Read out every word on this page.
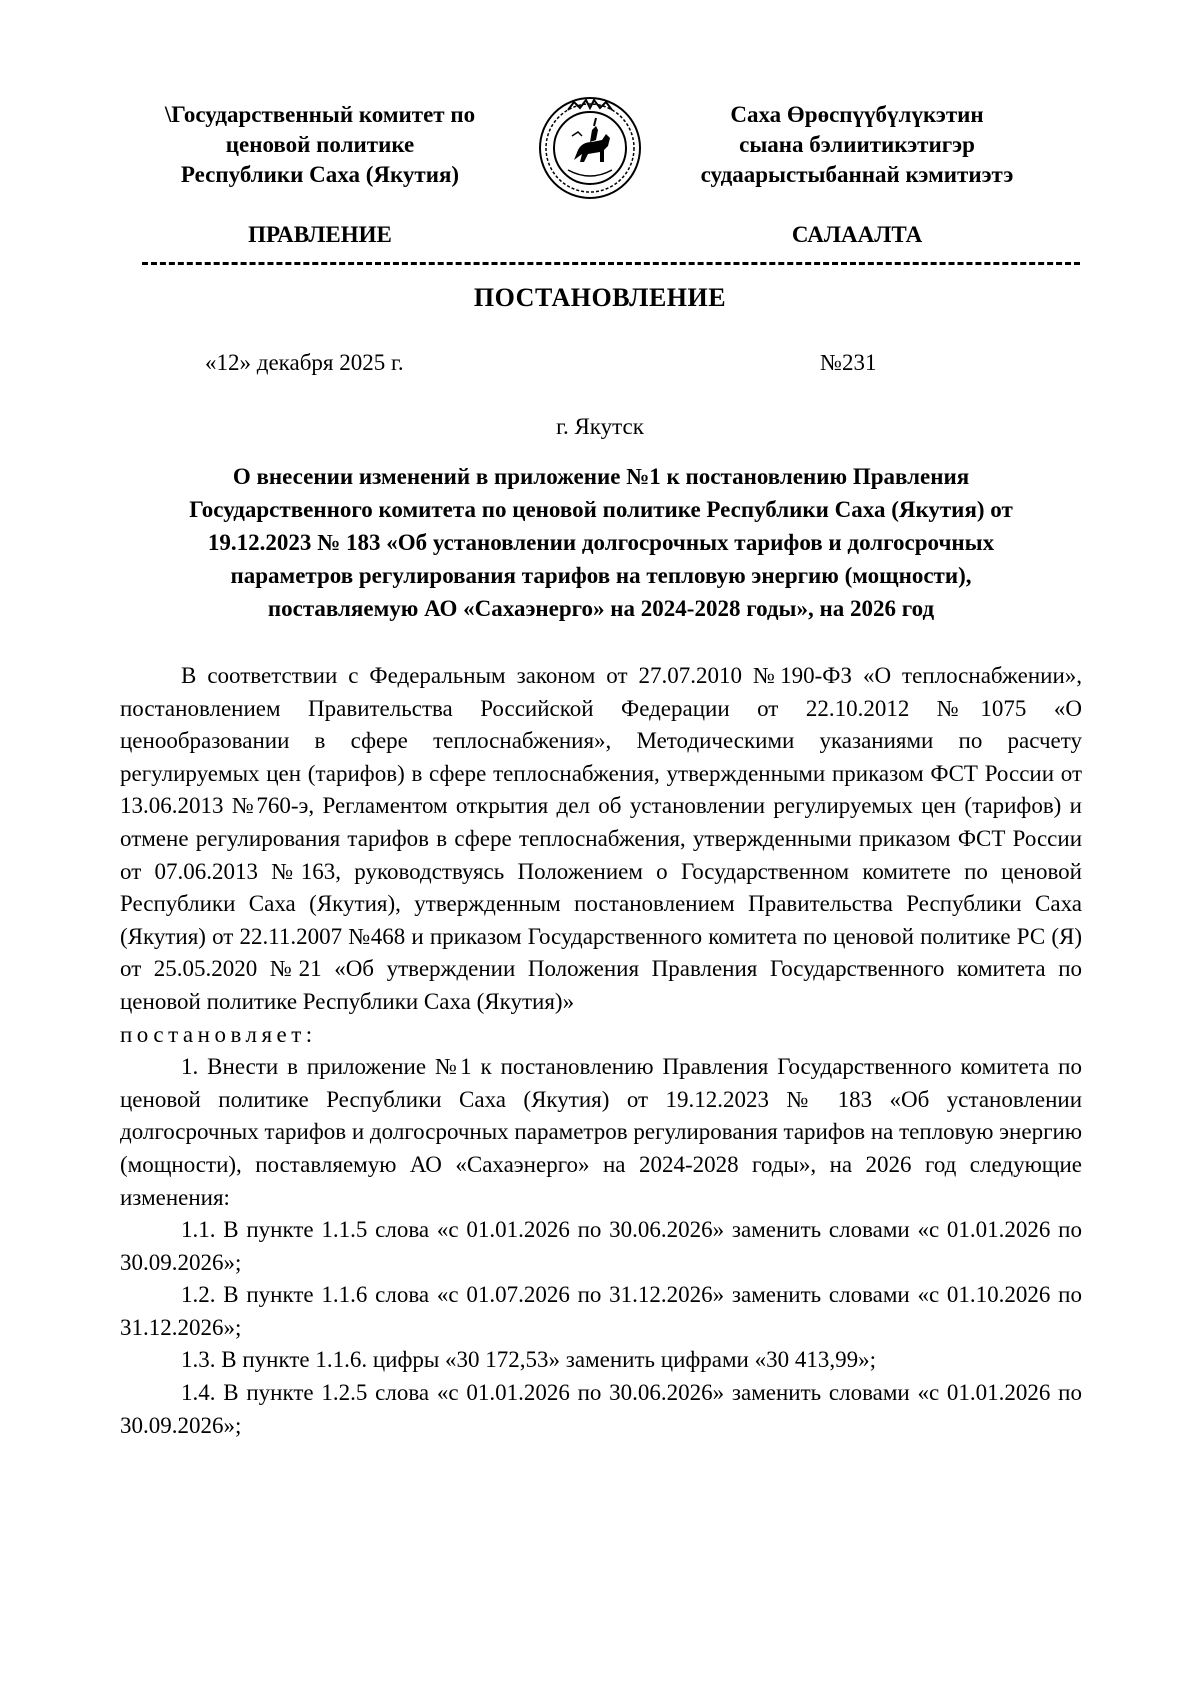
\Государственный комитет по
ценовой политике
Республики Саха (Якутия)
Саха Өрөспүүбүлүкэтин
сыана бэлиитикэтигэр
судаарыстыбаннай кэмитиэтэ
ПРАВЛЕНИЕ	САЛААЛТА
ПОСТАНОВЛЕНИЕ
«12» декабря 2025 г.	№231
г. Якутск
О внесении изменений в приложение №1 к постановлению Правления
Государственного комитета по ценовой политике Республики Саха (Якутия) от
19.12.2023 № 183 «Об установлении долгосрочных тарифов и долгосрочных
параметров регулирования тарифов на тепловую энергию (мощности),
поставляемую АО «Сахаэнерго» на 2024-2028 годы», на 2026 год

В соответствии с Федеральным законом от 27.07.2010 №190-ФЗ «О теплоснабжении», постановлением Правительства Российской Федерации от 22.10.2012 №1075 «О ценообразовании в сфере теплоснабжения», Методическими указаниями по расчету регулируемых цен (тарифов) в сфере теплоснабжения, утвержденными приказом ФСТ России от 13.06.2013 №760-э, Регламентом открытия дел об установлении регулируемых цен (тарифов) и отмене регулирования тарифов в сфере теплоснабжения, утвержденными приказом ФСТ России от 07.06.2013 №163, руководствуясь Положением о Государственном комитете по ценовой Республики Саха (Якутия), утвержденным постановлением Правительства Республики Саха (Якутия) от 22.11.2007 №468 и приказом Государственного комитета по ценовой политике РС (Я) от 25.05.2020 №21 «Об утверждении Положения Правления Государственного комитета по ценовой политике Республики Саха (Якутия)»

постановляет:

1. Внести в приложение №1 к постановлению Правления Государственного комитета по ценовой политике Республики Саха (Якутия) от 19.12.2023 № 183 «Об установлении долгосрочных тарифов и долгосрочных параметров регулирования тарифов на тепловую энергию (мощности), поставляемую АО «Сахаэнерго» на 2024-2028 годы», на 2026 год следующие изменения:

1.1. В пункте 1.1.5 слова «с 01.01.2026 по 30.06.2026» заменить словами «с 01.01.2026 по 30.09.2026»;

1.2. В пункте 1.1.6 слова «с 01.07.2026 по 31.12.2026» заменить словами «с 01.10.2026 по 31.12.2026»;

1.3. В пункте 1.1.6. цифры «30 172,53» заменить цифрами «30 413,99»;

1.4. В пункте 1.2.5 слова «с 01.01.2026 по 30.06.2026» заменить словами «с 01.01.2026 по 30.09.2026»;
